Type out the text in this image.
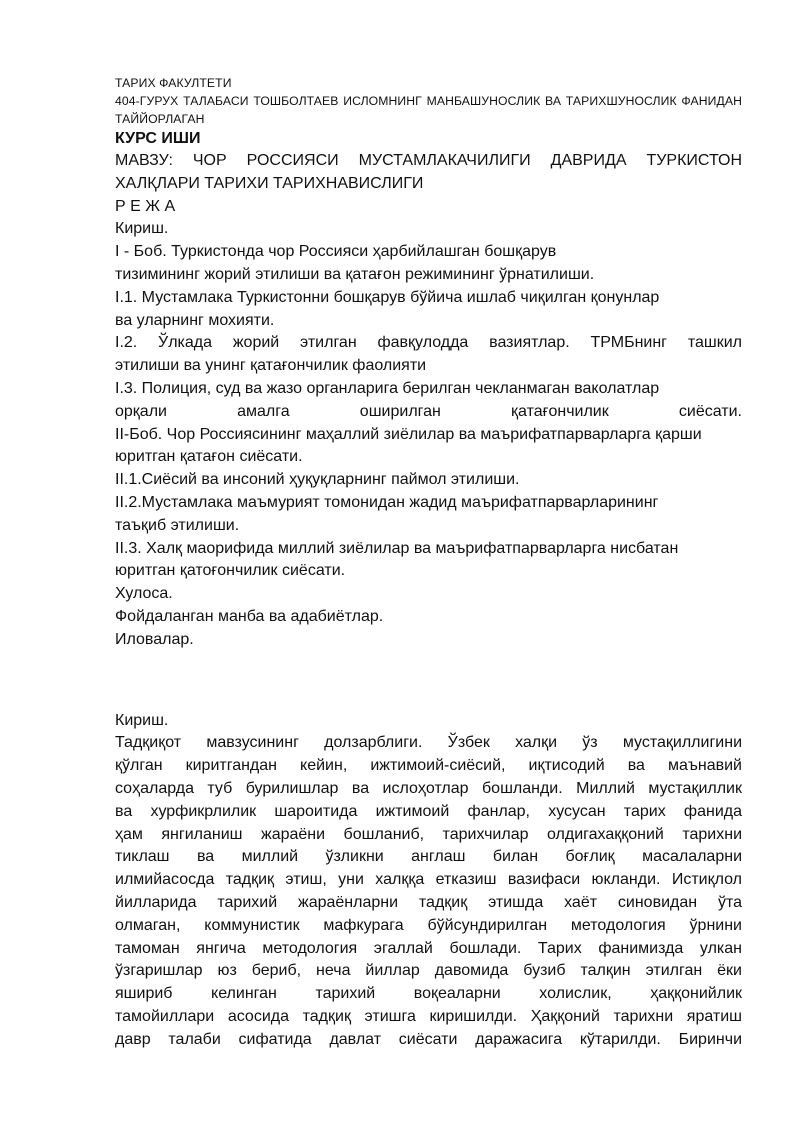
ТАРИХ ФАКУЛТЕТИ

404-ГУРУХ ТАЛАБАСИ ТОШБОЛТАЕВ ИСЛОМНИНГ МАНБАШУНОСЛИК ВА ТАРИХШУНОСЛИК ФАНИДАН ТАЙЙОРЛАГАН

КУРС ИШИ

МАВЗУ: ЧОР РОССИЯСИ МУСТАМЛАКАЧИЛИГИ ДАВРИДА ТУРКИСТОН

ХАЛҚЛАРИ ТАРИХИ ТАРИХНАВИСЛИГИ

Р Е Ж А

Кириш.

I - Боб. Туркистонда чор Россияси ҳарбийлашган бошқарув

тизимининг жорий этилиши ва қатағон режимининг ўрнатилиши.

I.1. Мустамлака Туркистонни бошқарув бўйича ишлаб чиқилган қонунлар

ва уларнинг мохияти.

I.2. Ўлкада жорий этилган фавқулодда вазиятлар. ТРМБнинг ташкил

этилиши ва унинг қатағончилик фаолияти

I.3. Полиция, суд ва жазо органларига берилган чекланмаган ваколатлар

орқали амалга оширилган қатағончилик сиёсати.

II-Боб. Чор Россиясининг маҳаллий зиёлилар ва маърифатпарварларга қарши

юритган қатағон сиёсати.

II.1.Сиёсий ва инсоний ҳуқуқларнинг паймол этилиши.

II.2.Мустамлака маъмурият томонидан жадид маърифатпарварларининг

таъқиб этилиши.

II.3. Халқ маорифида миллий зиёлилар ва маърифатпарварларга нисбатан

юритган қатоғончилик сиёсати.

Хулоса.

Фойдаланган манба ва адабиётлар.

Иловалар.

Кириш.

Тадқиқот мавзусининг долзарблиги. Ўзбек халқи ўз мустақиллигини

қўлган киритгандан кейин, ижтимоий-сиёсий, иқтисодий ва маънавий

соҳаларда туб бурилишлар ва ислоҳотлар бошланди. Миллий мустақиллик

ва хурфикрлилик шароитида ижтимоий фанлар, хусусан тарих фанида

ҳам янгиланиш жараёни бошланиб, тарихчилар олдигахаққоний тарихни

тиклаш ва миллий ўзликни англаш билан боғлиқ масалаларни

илмийасосда тадқиқ этиш, уни халққа етказиш вазифаси юкланди. Истиқлол

йилларида тарихий жараёнларни тадқиқ этишда хаёт синовидан ўта

олмаган, коммунистик мафкурага бўйсундирилган методология ўрнини

тамоман янгича методология эгаллай бошлади. Тарих фанимизда улкан

ўзгаришлар юз бериб, неча йиллар давомида бузиб талқин этилган ёки

яшириб келинган тарихий воқеаларни холислик, ҳаққонийлик

тамойиллари асосида тадқиқ этишга киришилди. Ҳаққоний тарихни яратиш

давр талаби сифатида давлат сиёсати даражасига кўтарилди. Биринчи
